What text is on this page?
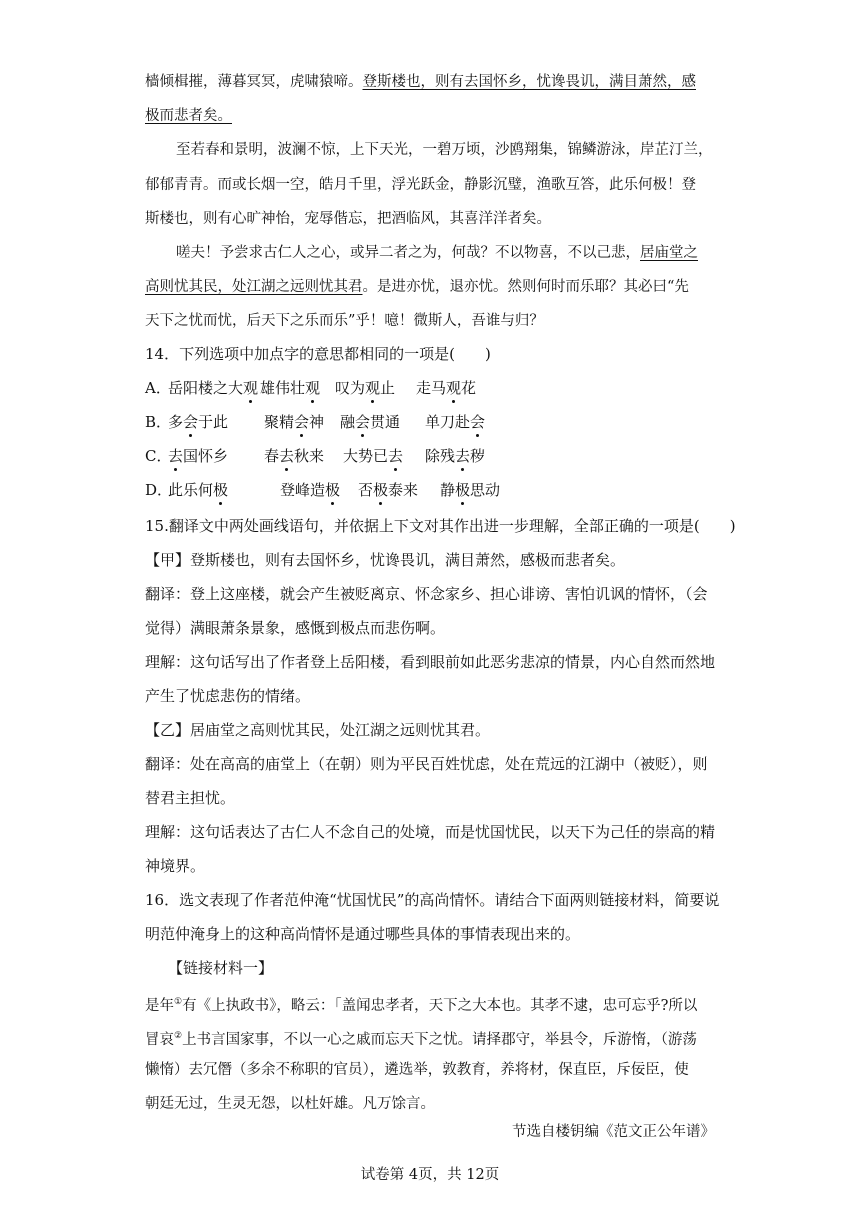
樯倾楫摧，薄暮冥冥，虎啸猿啼。登斯楼也，则有去国怀乡，忧谗畏讥，满目萧然，感
极而悲者矣。
至若春和景明，波澜不惊，上下天光，一碧万顷，沙鸥翔集，锦鳞游泳，岸芷汀兰，
郁郁青青。而或长烟一空，皓月千里，浮光跃金，静影沉璧，渔歌互答，此乐何极！登
斯楼也，则有心旷神怡，宠辱偕忘，把酒临风，其喜洋洋者矣。
嗟夫！予尝求古仁人之心，或异二者之为，何哉？不以物喜，不以己悲，居庙堂之
高则忧其民，处江湖之远则忧其君。是进亦忧，退亦忧。然则何时而乐耶？其必曰“先
天下之忧而忧，后天下之乐而乐”乎！噫！微斯人，吾谁与归？
14．下列选项中加点字的意思都相同的一项是(　　)
A．
岳阳楼之大观 雄伟壮观 叹为观止 走马观花
B．
多会于此 聚精会神 融会贯通 单刀赴会
C．
去国怀乡 春去秋来 大势已去 除残去秽
D．
此乐何极	登峰造极 否极泰来 静极思动
15.翻译文中两处画线语句，并依据上下文对其作出进一步理解，全部正确的一项是(　　)
【甲】登斯楼也，则有去国怀乡，忧谗畏讥，满目萧然，感极而悲者矣。
翻译：登上这座楼，就会产生被贬离京、怀念家乡、担心诽谤、害怕讥讽的情怀，（会
觉得）满眼萧条景象，感慨到极点而悲伤啊。
理解：这句话写出了作者登上岳阳楼，看到眼前如此恶劣悲凉的情景，内心自然而然地
产生了忧虑悲伤的情绪。
【乙】居庙堂之高则忧其民，处江湖之远则忧其君。
翻译：处在高高的庙堂上（在朝）则为平民百姓忧虑，处在荒远的江湖中（被贬），则
替君主担忧。
理解：这句话表达了古仁人不念自己的处境，而是忧国忧民，以天下为己任的崇高的精
神境界。
16．选文表现了作者范仲淹“忧国忧民”的高尚情怀。请结合下面两则链接材料，简要说
明范仲淹身上的这种高尚情怀是通过哪些具体的事情表现出来的。
【链接材料一】
是年①有《上执政书》，略云：「盖闻忠孝者，天下之大本也。其孝不逮，忠可忘乎?所以
冒哀②上书言国家事，不以一心之戚而忘天下之忧。请择郡守，举县令，斥游惰，（游荡
懒惰）去冗僭（多余不称职的官员），遴选举，敦教育，养将材，保直臣，斥佞臣，使
朝廷无过，生灵无怨，以杜奸雄。凡万馀言。
节选自楼钥编《范文正公年谱》
试卷第 4页，共 12页
